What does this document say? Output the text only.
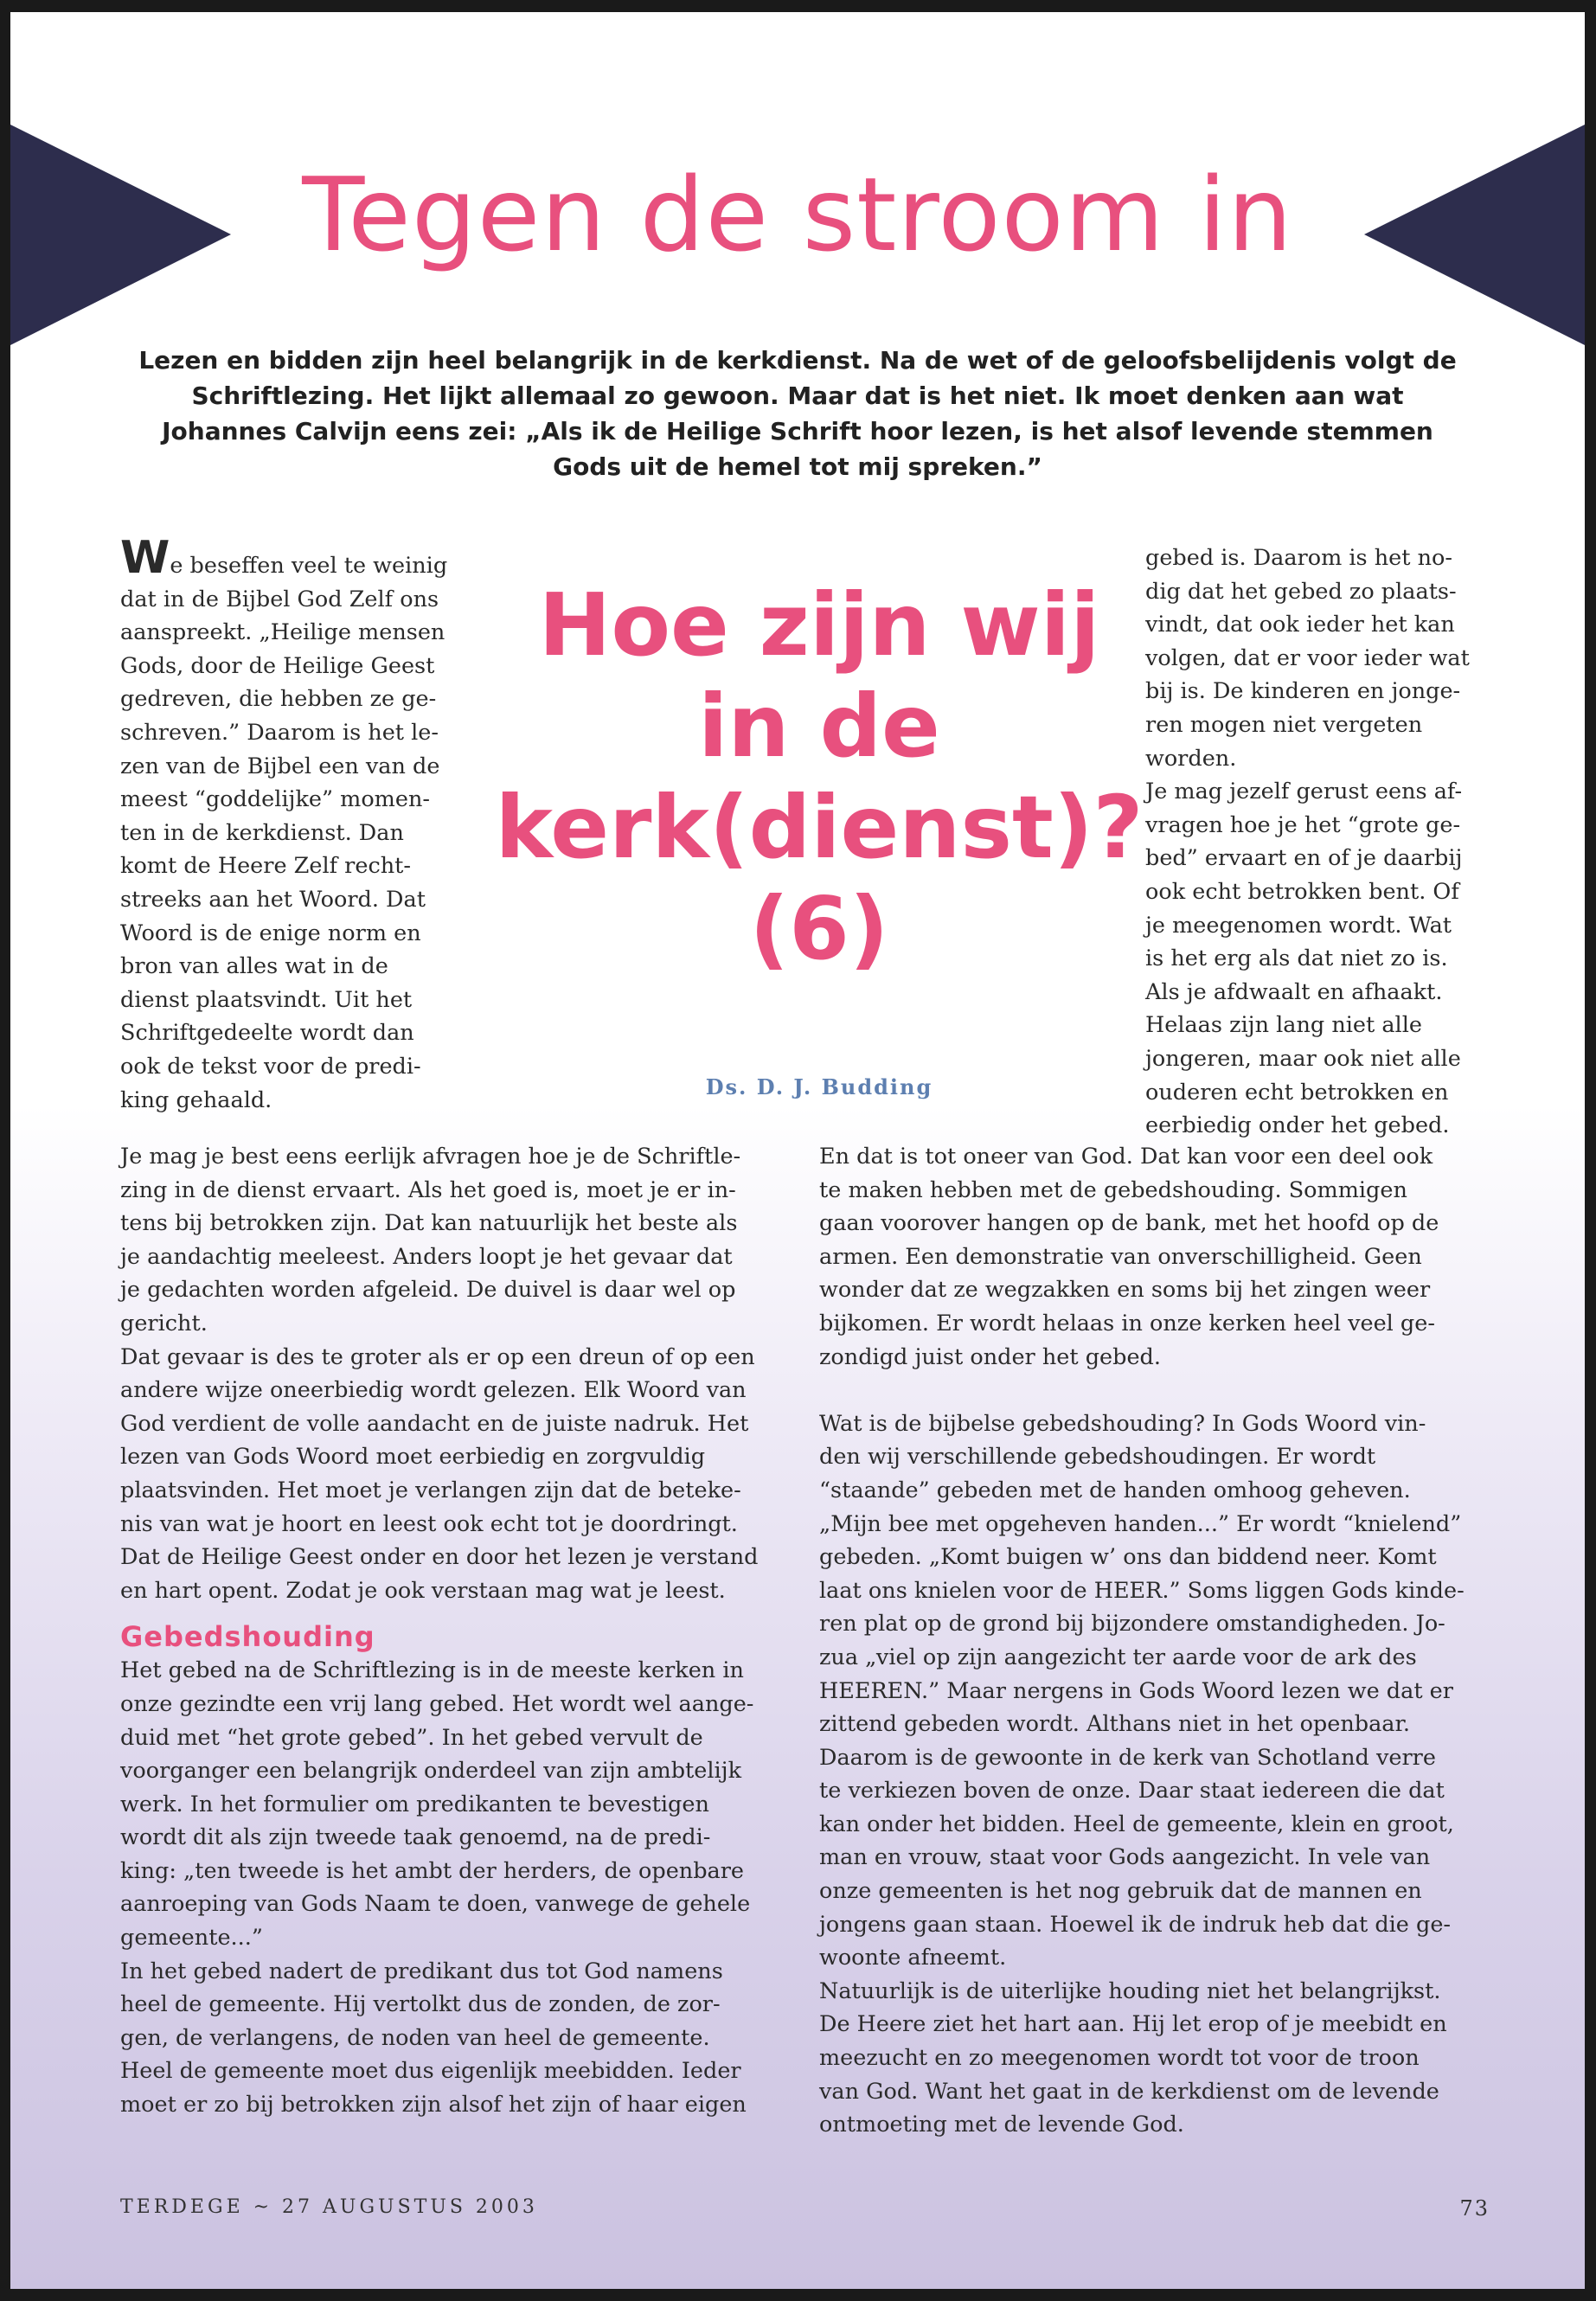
Tegen de stroom in
Lezen en bidden zijn heel belangrijk in de kerkdienst. Na de wet of de geloofsbelijdenis volgt de Schriftlezing. Het lijkt allemaal zo gewoon. Maar dat is het niet. Ik moet denken aan wat Johannes Calvijn eens zei: „Als ik de Heilige Schrift hoor lezen, is het alsof levende stemmen Gods uit de hemel tot mij spreken.”

We beseffen veel te weinig

dat in de Bijbel God Zelf ons

aanspreekt. „Heilige mensen

Gods, door de Heilige Geest

gedreven, die hebben ze ge-

schreven.” Daarom is het le-

zen van de Bijbel een van de

meest “goddelijke” momen-

ten in de kerkdienst. Dan

komt de Heere Zelf recht-

streeks aan het Woord. Dat

Woord is de enige norm en

bron van alles wat in de

dienst plaatsvindt. Uit het

Schriftgedeelte wordt dan

ook de tekst voor de predi-

king gehaald.

Hoe zijn wij
in de
kerk(dienst)?
(6)
Ds. D. J. Budding

gebed is. Daarom is het no-

dig dat het gebed zo plaats-

vindt, dat ook ieder het kan

volgen, dat er voor ieder wat

bij is. De kinderen en jonge-

ren mogen niet vergeten

worden.

Je mag jezelf gerust eens af-

vragen hoe je het “grote ge-

bed” ervaart en of je daarbij

ook echt betrokken bent. Of

je meegenomen wordt. Wat

is het erg als dat niet zo is.

Als je afdwaalt en afhaakt.

Helaas zijn lang niet alle

jongeren, maar ook niet alle

ouderen echt betrokken en

eerbiedig onder het gebed.

Je mag je best eens eerlijk afvragen hoe je de Schriftle-

zing in de dienst ervaart. Als het goed is, moet je er in-

tens bij betrokken zijn. Dat kan natuurlijk het beste als

je aandachtig meeleest. Anders loopt je het gevaar dat

je gedachten worden afgeleid. De duivel is daar wel op

gericht.

Dat gevaar is des te groter als er op een dreun of op een

andere wijze oneerbiedig wordt gelezen. Elk Woord van

God verdient de volle aandacht en de juiste nadruk. Het

lezen van Gods Woord moet eerbiedig en zorgvuldig

plaatsvinden. Het moet je verlangen zijn dat de beteke-

nis van wat je hoort en leest ook echt tot je doordringt.

Dat de Heilige Geest onder en door het lezen je verstand

en hart opent. Zodat je ook verstaan mag wat je leest.

Gebedshouding

Het gebed na de Schriftlezing is in de meeste kerken in

onze gezindte een vrij lang gebed. Het wordt wel aange-

duid met “het grote gebed”. In het gebed vervult de

voorganger een belangrijk onderdeel van zijn ambtelijk

werk. In het formulier om predikanten te bevestigen

wordt dit als zijn tweede taak genoemd, na de predi-

king: „ten tweede is het ambt der herders, de openbare

aanroeping van Gods Naam te doen, vanwege de gehele

gemeente...”

In het gebed nadert de predikant dus tot God namens

heel de gemeente. Hij vertolkt dus de zonden, de zor-

gen, de verlangens, de noden van heel de gemeente.

Heel de gemeente moet dus eigenlijk meebidden. Ieder

moet er zo bij betrokken zijn alsof het zijn of haar eigen

En dat is tot oneer van God. Dat kan voor een deel ook

te maken hebben met de gebedshouding. Sommigen

gaan voorover hangen op de bank, met het hoofd op de

armen. Een demonstratie van onverschilligheid. Geen

wonder dat ze wegzakken en soms bij het zingen weer

bijkomen. Er wordt helaas in onze kerken heel veel ge-

zondigd juist onder het gebed.

Wat is de bijbelse gebedshouding? In Gods Woord vin-

den wij verschillende gebedshoudingen. Er wordt

“staande” gebeden met de handen omhoog geheven.

„Mijn bee met opgeheven handen...” Er wordt “knielend”

gebeden. „Komt buigen w’ ons dan biddend neer. Komt

laat ons knielen voor de HEER.” Soms liggen Gods kinde-

ren plat op de grond bij bijzondere omstandigheden. Jo-

zua „viel op zijn aangezicht ter aarde voor de ark des

HEEREN.” Maar nergens in Gods Woord lezen we dat er

zittend gebeden wordt. Althans niet in het openbaar.

Daarom is de gewoonte in de kerk van Schotland verre

te verkiezen boven de onze. Daar staat iedereen die dat

kan onder het bidden. Heel de gemeente, klein en groot,

man en vrouw, staat voor Gods aangezicht. In vele van

onze gemeenten is het nog gebruik dat de mannen en

jongens gaan staan. Hoewel ik de indruk heb dat die ge-

woonte afneemt.

Natuurlijk is de uiterlijke houding niet het belangrijkst.

De Heere ziet het hart aan. Hij let erop of je meebidt en

meezucht en zo meegenomen wordt tot voor de troon

van God. Want het gaat in de kerkdienst om de levende

ontmoeting met de levende God.

TERDEGE ~ 27 AUGUSTUS 2003	73
